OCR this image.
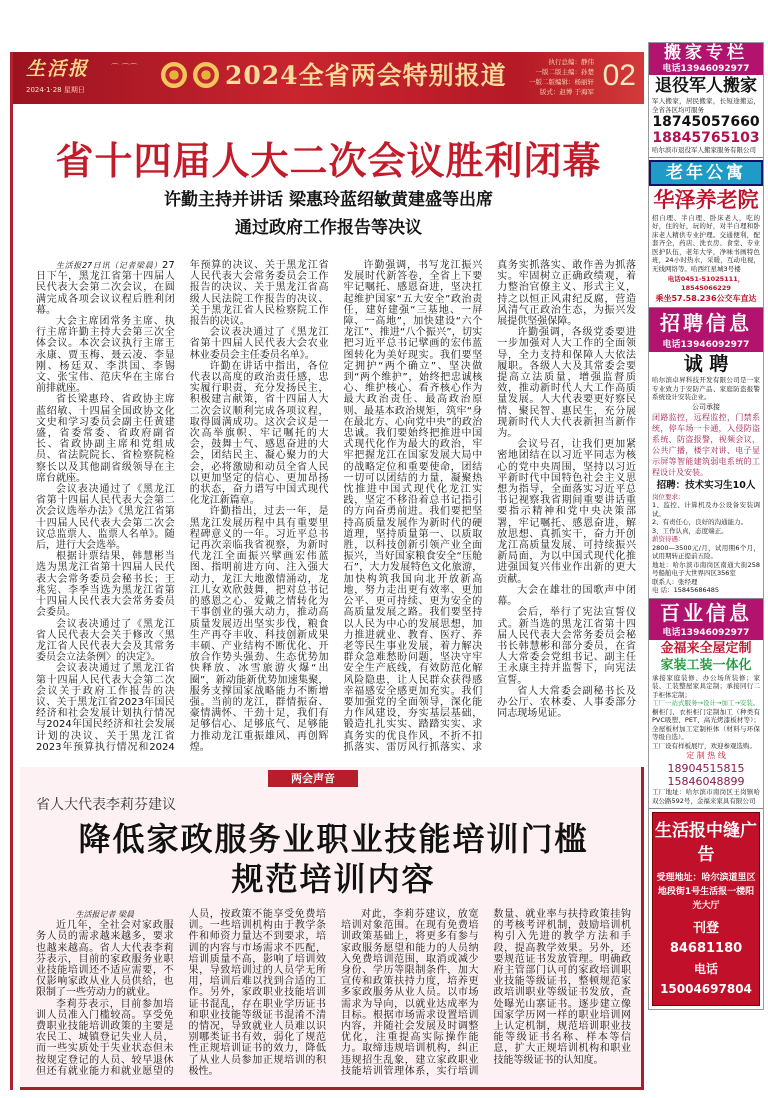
生活报
2024·1·28 星期日
⌒ ⌒⌒	2024全省两会特别报道	执行总编：静伟
一版二版主编：孙楚
一版二版编辑：杨丽轩
版式：赵博 于海军 02
省十四届人大二次会议胜利闭幕
许勤主持并讲话 梁惠玲蓝绍敏黄建盛等出席
通过政府工作报告等决议

生活报27日讯（记者梁晨）27日下午，黑龙江省第十四届人民代表大会第二次会议，在圆满完成各项会议议程后胜利闭幕。

大会主席团常务主席、执行主席许勤主持大会第三次全体会议。本次会议执行主席王永康、贾玉梅、聂云凌、李显刚、杨廷双、李洪国、李锡文、张宝伟、范庆华在主席台前排就座。

省长梁惠玲、省政协主席蓝绍敏、十四届全国政协文化文史和学习委员会副主任黄建盛，省委常委、省政府副省长、省政协副主席和党组成员、省法院院长、省检察院检察长以及其他副省级领导在主席台就座。

会议表决通过了《黑龙江省第十四届人民代表大会第二次会议选举办法》《黑龙江省第十四届人民代表大会第二次会议总监票人、监票人名单》。随后，进行大会选举。

根据计票结果，韩慧彬当选为黑龙江省第十四届人民代表大会常务委员会秘书长；王兆宪、李季当选为黑龙江省第十四届人民代表大会常务委员会委员。

会议表决通过了《黑龙江省人民代表大会关于修改〈黑龙江省人民代表大会及其常务委员会立法条例〉的决定》。

会议表决通过了黑龙江省第十四届人民代表大会第二次会议关于政府工作报告的决议、关于黑龙江省2023年国民经济和社会发展计划执行情况与2024年国民经济和社会发展计划的决议、关于黑龙江省2023年预算执行情况和2024年预算的决议、关于黑龙江省人民代表大会常务委员会工作报告的决议、关于黑龙江省高级人民法院工作报告的决议、关于黑龙江省人民检察院工作报告的决议。

会议表决通过了《黑龙江省第十四届人民代表大会农业林业委员会主任委员名单》。

许勤在讲话中指出，各位代表以高度的政治责任感，忠实履行职责，充分发扬民主，积极建言献策，省十四届人大二次会议顺利完成各项议程，取得圆满成功。这次会议是一次高举旗帜、牢记嘱托的大会，鼓舞士气、感恩奋进的大会，团结民主、凝心聚力的大会，必将激励和动员全省人民以更加坚定的信心、更加昂扬的状态，奋力谱写中国式现代化龙江新篇章。

许勤指出，过去一年，是黑龙江发展历程中具有重要里程碑意义的一年。习近平总书记再次亲临我省视察，为新时代龙江全面振兴擘画宏伟蓝图、指明前进方向、注入强大动力，龙江大地激情涌动，龙江儿女欢欣鼓舞，把对总书记的感恩之心、爱戴之情转化为干事创业的强大动力，推动高质量发展迈出坚实步伐，粮食生产再夺丰收、科技创新成果丰硕、产业结构不断优化、开放合作势头强劲、生态优势加快释放、冰雪旅游火爆“出圈”，新动能新优势加速集聚，服务支撑国家战略能力不断增强。当前的龙江，群情振奋、豪情满怀、干劲十足，我们有足够信心、足够底气、足够能力推动龙江重振雄风、再创辉煌。

许勤强调，书写龙江振兴发展时代新答卷，全省上下要牢记嘱托、感恩奋进，坚决扛起维护国家“五大安全”政治责任，建好建强“三基地、一屏障、一高地”，加快建设“六个龙江”、推进“八个振兴”，切实把习近平总书记擘画的宏伟蓝图转化为美好现实。我们要坚定拥护“两个确立”、坚决做到“两个维护”，始终把忠诚核心、维护核心、看齐核心作为最大政治责任、最高政治原则、最基本政治规矩，筑牢“身在最北方、心向党中央”的政治忠诚。我们要始终把推进中国式现代化作为最大的政治，牢牢把握龙江在国家发展大局中的战略定位和重要使命，团结一切可以团结的力量，凝聚热忱推进中国式现代化龙江实践，坚定不移沿着总书记指引的方向奋勇前进。我们要把坚持高质量发展作为新时代的硬道理，坚持质量第一、以质取胜，以科技创新引领产业全面振兴，当好国家粮食安全“压舱石”，大力发展特色文化旅游，加快构筑我国向北开放新高地，努力走出更有效率、更加公平、更可持续、更为安全的高质量发展之路。我们要坚持以人民为中心的发展思想，加力推进就业、教育、医疗、养老等民生事业发展，着力解决群众急难愁盼问题，坚决守牢安全生产底线，有效防范化解风险隐患，让人民群众获得感幸福感安全感更加充实。我们要加强党的全面领导，深化能力作风建设，夯实基层基础，锻造扎扎实实、踏踏实实、求真务实的优良作风，不折不扣抓落实、雷厉风行抓落实、求真务实抓落实、敢作善为抓落实。牢固树立正确政绩观，着力整治官僚主义、形式主义，持之以恒正风肃纪反腐，营造风清气正政治生态，为振兴发展提供坚强保障。

许勤强调，各级党委要进一步加强对人大工作的全面领导，全力支持和保障人大依法履职。各级人大及其常委会要提高立法质量，增强监督质效，推动新时代人大工作高质量发展。人大代表要更好察民情、聚民智、惠民生，充分展现新时代人大代表新担当新作为。

会议号召，让我们更加紧密地团结在以习近平同志为核心的党中央周围，坚持以习近平新时代中国特色社会主义思想为指导，全面落实习近平总书记视察我省期间重要讲话重要指示精神和党中央决策部署，牢记嘱托、感恩奋进，解放思想、真抓实干，奋力开创龙江高质量发展、可持续振兴新局面，为以中国式现代化推进强国复兴伟业作出新的更大贡献。

大会在雄壮的国歌声中闭幕。

会后，举行了宪法宣誓仪式。新当选的黑龙江省第十四届人民代表大会常务委员会秘书长韩慧彬和部分委员，在省人大常委会党组书记、副主任王永康主持并监誓下，向宪法宣誓。

省人大常委会副秘书长及办公厅、农林委、人事委部分同志现场见证。

两会声音
省人大代表李莉芬建议
降低家政服务业职业技能培训门槛
规范培训内容

生活报记者 梁晨

近几年，全社会对家政服务人员的需求越来越多，要求也越来越高。省人大代表李莉芬表示，目前的家政服务业职业技能培训还不适应需要，不仅影响家政从业人员供给，也限制了一些劳动力的就业。

李莉芬表示，目前参加培训人员准入门槛较高。享受免费职业技能培训政策的主要是农民工、城镇登记失业人员，而一些实质处于失业状态但未按规定登记的人员、较早退休但还有就业能力和就业愿望的人员，按政策不能享受免费培训。一些培训机构由于教学条件和师资力量达不到要求，培训的内容与市场需求不匹配，培训质量不高，影响了培训效果，导致培训过的人员学无所用，培训后难以找到合适的工作。另外，家政职业技能培训证书混乱，存在职业学历证书和职业技能等级证书混淆不清的情况，导致就业人员难以识别哪类证书有效，弱化了规范性正规培训证书的效力，降低了从业人员参加正规培训的积极性。

对此，李莉芬建议，放宽培训对象范围。在现有免费培训政策基础上，将更多有参与家政服务愿望和能力的人员纳入免费培训范围，取消或减少身份、学历等限制条件，加大宣传和政策扶持力度，培养更多家政服务从业人员。以市场需求为导向，以就业达成率为目标。根据市场需求设置培训内容，并随社会发展及时调整优化，注重提高实际操作能力。取缔违规培训机构，纠正违规招生乱象，建立家政职业技能培训管理体系，实行培训数量、就业率与扶持政策挂钩的考核考评机制，鼓励培训机构引入先进的教学方法和手段，提高教学效果。另外，还要规范证书发放管理。明确政府主管部门认可的家政培训职业技能等级证书，整顿规范家政培训职业等级证书发放，查处曝光山寨证书。逐步建立像国家学历网一样的职业培训网上认定机制，规范培训职业技能等级证书名称、样本等信息，扩大正规培训机构和职业技能等级证书的认知度。

搬家专栏
电话13946092977
退役军人搬家
军人搬家，居民搬家，长短途搬运，全省各区均可服务
18745057660
18845765103
哈尔滨市退役军人搬家服务有限公司
老年公寓
华泽养老院
招自理、半自理、卧床老人，吃的好，住的好，玩的好，对半自理和卧床老人精供专业护理。交通便利，配套齐全，药店、洗衣房、食堂、专业医护队伍，老年大学，净味书画特色班，24小时热水，采暖，互动电视，无线网络等。哈西红星城3号楼
电话0451-51025111，18545066229
乘坐57.58.236公交车直达
招聘信息
电话13946092977
诚 聘
哈尔滨卓昇科技开发有限公司是一家专业致力于安防产品、家庭防盗报警系统设计安装企业。
公司承接
闭路监控，远程监控，门禁系统，停车场一卡通，入侵防盗系统、防盗报警，视频会议，公共广播，楼宇对讲、电子显示屏等智能建筑弱电系统的工程设计及安装。
招聘：技术实习生10人
岗位要求：
1、监控、计算机及办公设备安装调试。
2、有责任心，良好的沟通能力。
3、工作认真，态度端正。
薪资待遇：
2800—3500元/月，试用期6个月，试用期转正提前五险。
地址：哈尔滨市南岗区南通大街258号船舶电子大世界四区356室
联系人：张经理
电 话：15845686485
百业信息
电话13946092977
金福来全屋定制
家装工装一体化
承接家庭装修、办公场所装修；家装、工装整屋家具定制；承接同行二手柜体定制；
工厂一站式服务→设计→加工→安装。
橱柜门、衣柜柜门定制加工（种类有PVC吸塑、PET、高光烤漆板材等）；全屋板材加工定制柜体（材料与环保等级自选）。
工厂设有样板展厅，欢迎参观选购。
定 制 热 线
18904515815
15846048899
工厂地址：哈尔滨市南岗区王岗镇哈双公路592号，金福来家具有限公司
生活报中缝广告
受理地址：哈尔滨道里区地段街1号生活报一楼阳光大厅
刊登 84681180
电话 15004697804
